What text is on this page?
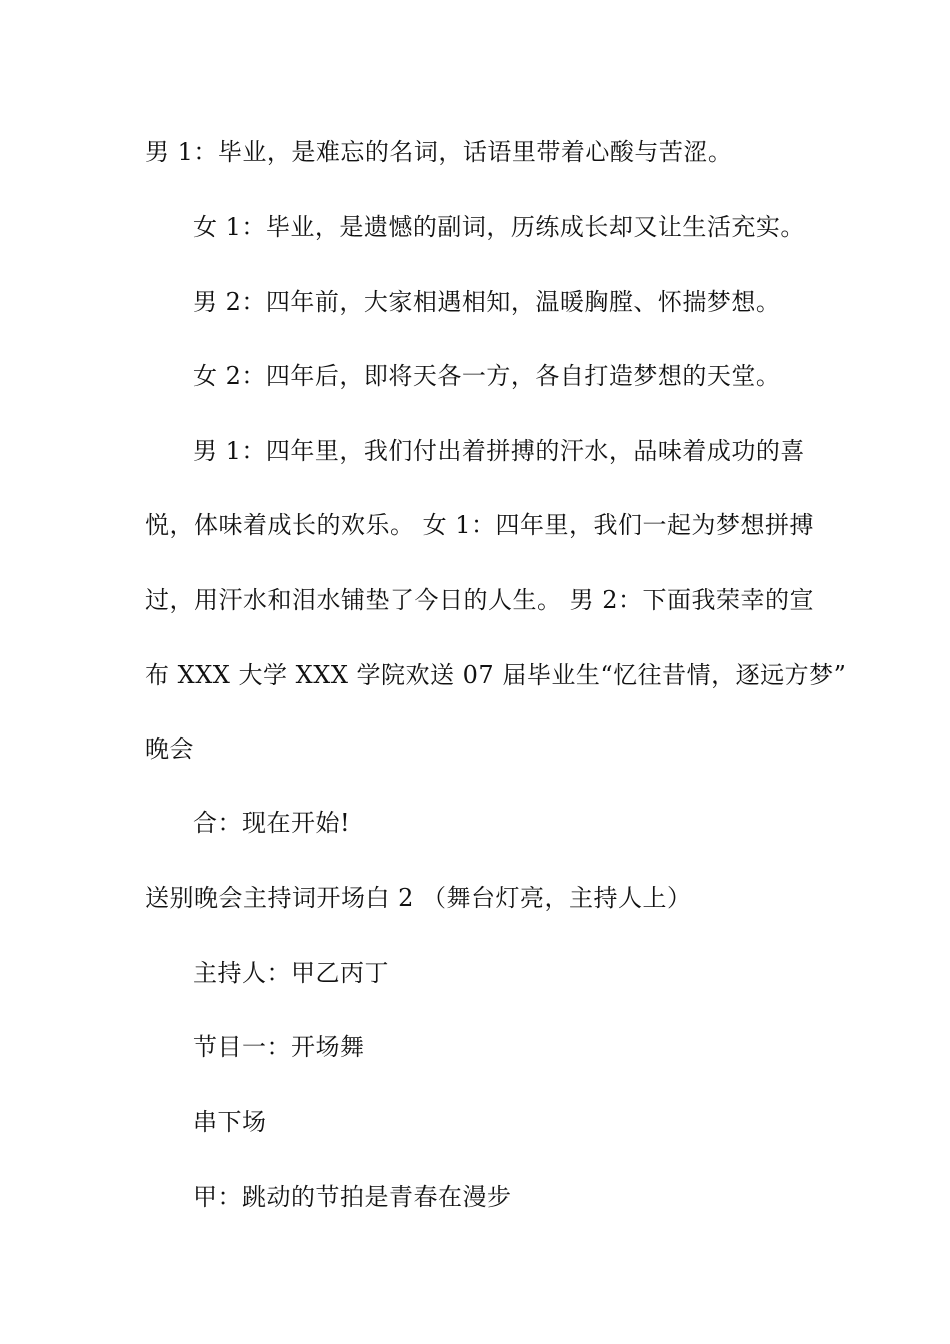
男 1：毕业，是难忘的名词，话语里带着心酸与苦涩。
女 1：毕业，是遗憾的副词，历练成长却又让生活充实。
男 2：四年前，大家相遇相知，温暖胸膛、怀揣梦想。
女 2：四年后，即将天各一方，各自打造梦想的天堂。
男 1：四年里，我们付出着拼搏的汗水，品味着成功的喜
悦，体味着成长的欢乐。 女 1：四年里，我们一起为梦想拼搏
过，用汗水和泪水铺垫了今日的人生。 男 2：下面我荣幸的宣
布 XXX 大学 XXX 学院欢送 07 届毕业生“忆往昔情，逐远方梦”
晚会
合：现在开始!
送别晚会主持词开场白 2 （舞台灯亮，主持人上）
主持人：甲乙丙丁
节目一：开场舞
串下场
甲：跳动的节拍是青春在漫步
